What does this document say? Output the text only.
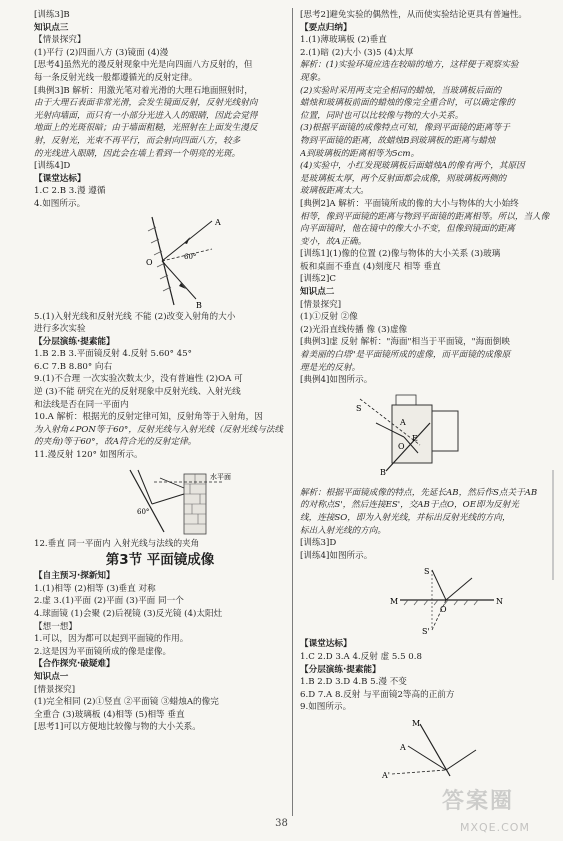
[训练3]B
知识点三
【情景探究】
(1)平行 (2)四面八方 (3)镜面 (4)漫
[思考4]虽然光的漫反射现象中光是向四面八方反射的，但
每一条反射光线一般都遵循光的反射定律。
[典例3]B 解析：用激光笔对着光滑的大理石地面照射时，
由于大理石表面非常光滑，会发生镜面反射，反射光线射向
光射向墙面，而只有一小部分光进入人的眼睛，因此会觉得
地面上的光斑很暗；由于墙面粗糙，光照射在上面发生漫反
射，反射光，光束不再平行，而会射向四面八方，较多
的光线进入眼睛，因此会在墙上看到一个明亮的光斑。
[训练4]D
【课堂达标】
1.C 2.B 3.漫 遵循
4.如图所示。
A
60°
O
B
5.(1)入射光线和反射光线 不能 (2)改变入射角的大小
进行多次实验
【分层演练·提素能】
1.B 2.B 3.平面镜反射 4.反射 5.60° 45°
6.C 7.B 8.80° 向右
9.(1)不合理 一次实验次数太少，没有普遍性 (2)OA 可
逆 (3)不能 研究在光的反射现象中反射光线、入射光线
和法线是否在同一平面内
10.A 解析：根据光的反射定律可知，反射角等于入射角，因
为入射角∠PON等于60°，反射光线与入射光线（反射光线与法线
的夹角)等于60°，故A符合光的反射定律。
11.漫反射 120° 如图所示。
60°
水平面
12.垂直 同一平面内 入射光线与法线的夹角
第3节 平面镜成像
【自主预习·探新知】
1.(1)相等 (2)相等 (3)垂直 对称
2.虚 3.(1)平面 (2)平面 (3)平面 同一个
4.球面镜 (1)会聚 (2)后视镜 (3)反光镜 (4)太阳灶
【想一想】
1.可以，因为都可以起到平面镜的作用。
2.这是因为平面镜所成的像是虚像。
【合作探究·破疑难】
知识点一
[情景探究]
(1)完全相同 (2)①竖直 ②平面镜 ③蜡烛A的像完
全重合 (3)玻璃板 (4)相等 (5)相等 垂直
[思考1]可以方便地比较像与物的大小关系。
[思考2]避免实验的偶然性，从而使实验结论更具有普遍性。
【要点归纳】
1.(1)薄玻璃板 (2)垂直
2.(1)暗 (2)大小 (3)5 (4)太厚
解析：(1)实验环境应选在较暗的地方，这样便于观察实验
现象。
(2)实验时采用两支完全相同的蜡烛，当玻璃板后面的
蜡烛和玻璃板前面的蜡烛的像完全重合时，可以确定像的
位置，同时也可以比较像与物的大小关系。
(3)根据平面镜的成像特点可知，像到平面镜的距离等于
物到平面镜的距离，故蜡烛B到玻璃板的距离与蜡烛
A到玻璃板的距离相等为5cm。
(4)实验中，小红发现玻璃板后面蜡烛A的像有两个，其原因
是玻璃板太厚，两个反射面都会成像，则玻璃板两侧的
玻璃板距离太大。
[典例2]A 解析：平面镜所成的像的大小与物体的大小始终
相等，像到平面镜的距离与物到平面镜的距离相等。所以，当人像
向平面镜时，他在镜中的像大小不变，但像到镜面的距离
变小，故A正确。
[训练1](1)像的位置 (2)像与物体的大小关系 (3)玻璃
板和桌面不垂直 (4)刻度尺 相等 垂直
[训练2]C
知识点二
[情景探究]
(1)①反射 ②像
(2)光沿直线传播 像 (3)虚像
[典例3]虚 反射 解析："海面"相当于平面镜，"海面倒映
着美丽的白塔"是平面镜所成的虚像，而平面镜的成像原
理是光的反射。
[典例4]如图所示。
S
A
B
E
O
解析：根据平面镜成像的特点，先延长AB，然后作S点关于AB
的对称点S'，然后连接ES'，交AB于点O，OE即为反射光
线，连接SO，即为入射光线，并标出反射光线的方向，
标出入射光线的方向。
[训练3]D
[训练4]如图所示。
S
M
O
N
S'
【课堂达标】
1.C 2.D 3.A 4.反射 虚 5.5 0.8
【分层演练·提素能】
1.B 2.D 3.D 4.B 5.漫 不变
6.D 7.A 8.反射 与平面镜2等高的正前方
9.如图所示。
M
A
A'
38
答案圈
MXQE.COM
